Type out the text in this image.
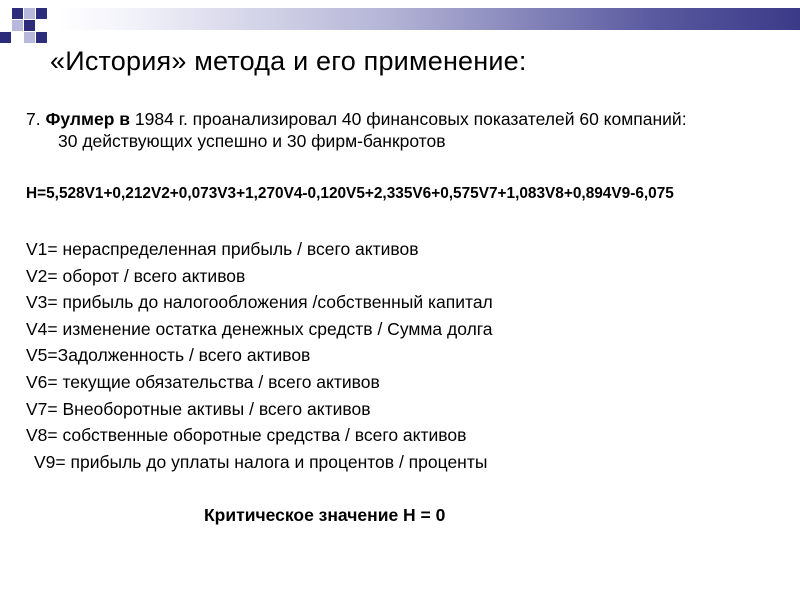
«История» метода и его применение:
7. Фулмер в 1984 г. проанализировал 40 финансовых показателей 60 компаний:
30 действующих успешно и 30 фирм-банкротов
H=5,528V1+0,212V2+0,073V3+1,270V4-0,120V5+2,335V6+0,575V7+1,083V8+0,894V9-6,075
V1= нераспределенная прибыль / всего активов
V2= оборот / всего активов
V3= прибыль до налогообложения /собственный капитал
V4= изменение остатка денежных средств / Сумма долга
V5=Задолженность / всего активов
V6= текущие обязательства / всего активов
V7= Внеоборотные активы / всего активов
V8= собственные оборотные средства / всего активов
V9= прибыль до уплаты налога и процентов / проценты
Критическое значение H = 0
